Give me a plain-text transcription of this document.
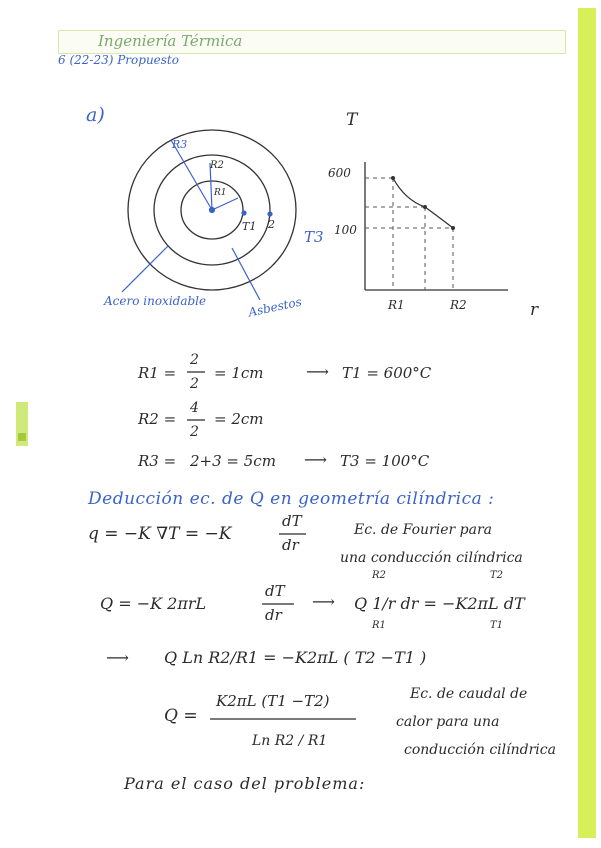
Ingeniería Térmica
6 (22-23) Propuesto
a)
R3
R2
R1
T1 2
T3
Acero inoxidable	Asbestos
T
600
100
R1	R2	r
R1 =
2
2
= 1cm	⟶ T1 = 600°C
R2 =
4
2
= 2cm
R3 = 2+3 = 5cm ⟶ T3 = 100°C
Deducción ec. de Q en geometría cilíndrica :
q = −K ∇T = −K
dT
dr
Ec. de Fourier para
una conducción cilíndrica
Q = −K 2πrL
dT
dr
⟶ Q 1/r dr = −K2πL dT
R2
R1
T2
T1
⟶ Q Ln R2/R1 = −K2πL ( T2 −T1 )
Q =
K2πL (T1 −T2)
Ln R2 / R1
Ec. de caudal de
calor para una
conducción cilíndrica
Para el caso del problema:
